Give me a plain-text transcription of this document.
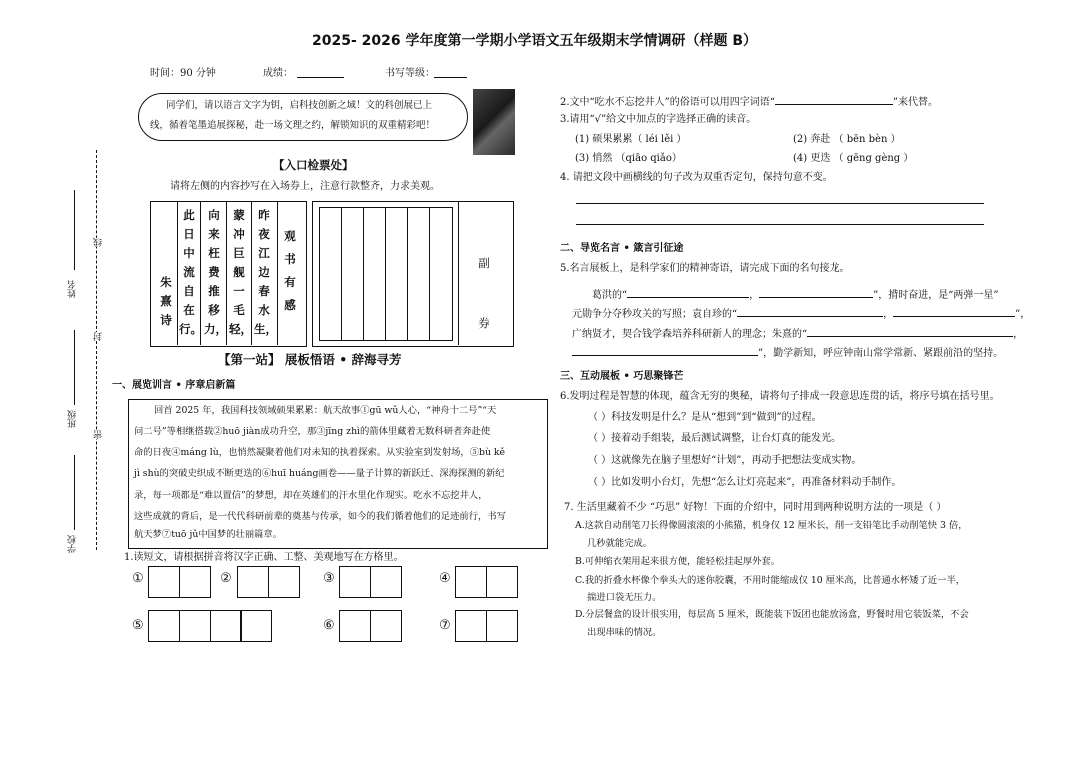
2025- 2026 学年度第一学期小学语文五年级期末学情调研（样题 B）
时间：90 分钟	成绩：	书写等级：
同学们，请以语言文字为钥，启科技创新之域！文的科创展已上
线，循着笔墨追展探秘，赴一场文理之约，解锁知识的双重精彩吧！
【入口检票处】
请将左侧的内容抄写在入场券上，注意行款整齐，力求美观。
朱熹诗
此日中流自在行。
向来枉费推移力，
蒙冲巨舰一毛轻，
昨夜江边春水生，
观书有感
副券
【第一站】 展板悟语 • 辞海寻芳
一、展览训言 • 序章启新篇
回首 2025 年，我国科技领域硕果累累：航天故事①gū wǔ人心，“神舟十二号”“天
问二号”等相继搭载②huō jiàn成功升空，那③jīng zhì的箭体里藏着无数科研者奔赴使
命的日夜④máng lù，也悄然凝聚着他们对未知的执着探索。从实验室到发射场，⑤bù kě
jì shù的突破史织成不断更迭的⑥huī huáng画卷——量子计算的新跃迁、深海探测的新纪
录，每一项都是“难以置信”的梦想，却在英雄们的汗水里化作现实。吃水不忘挖井人，
这些成就的背后，是一代代科研前辈的奠基与传承，如今的我们循着他们的足迹前行，书写
航天梦⑦tuō jǔ中国梦的壮丽篇章。
1.读短文，请根据拼音将汉字正确、工整、美观地写在方格里。
①	②	③	④
⑤	⑥	⑦
姓名
班级
学校
线
封
密
2.文中“吃水不忘挖井人”的俗语可以用四字词语“	”来代替。
3.请用“√”给文中加点的字选择正确的读音。
(1) 硕果累累（ léi lěi ）	(2) 奔赴 （ bēn bèn ）
(3) 悄然 （qiāo qiǎo）	(4) 更迭 （ gēng gèng ）
4. 请把文段中画横线的句子改为双重否定句，保持句意不变。
二、导览名言 • 箴言引征途
5.名言展板上，是科学家们的精神寄语，请完成下面的名句接龙。
葛洪的“	，	”，揹时奋进，是“两弹一星”
元勋争分夺秒攻关的写照；袁自珍的“	，	”，
广纳贤才，契合钱学森培养科研新人的理念；朱熹的“	，
”，勤学新知，呼应钟南山常学常新、紧跟前沿的坚持。
三、互动展板 • 巧思聚锋芒
6.发明过程是智慧的体现，蕴含无穷的奥秘，请将句子排成一段意思连贯的话，将序号填在括号里。
（ ）科技发明是什么？是从“想到”到“做到”的过程。
（ ）接着动手组装，最后测试调整，让台灯真的能发光。
（ ）这就像先在脑子里想好“计划”，再动手把想法变成实物。
（ ）比如发明小台灯，先想“怎么让灯亮起来”，再准备材料动手制作。
7. 生活里藏着不少 “巧思” 好物！下面的介绍中，同时用到两种说明方法的一项是（ ）
A.这款自动削笔刀长得像圆滚滚的小熊猫，机身仅 12 厘米长，削一支铅笔比手动削笔快 3 倍，
几秒就能完成。
B.可伸缩衣架用起来很方便，能轻松挂起厚外套。
C.我的折叠水杯像个拳头大的迷你胶囊，不用时能缩成仅 10 厘米高，比普通水杯矮了近一半，
揣进口袋无压力。
D.分层餐盒的设计很实用，每层高 5 厘米，既能装下饭团也能放汤盒，野餐时用它装饭菜，不会
出现串味的情况。
